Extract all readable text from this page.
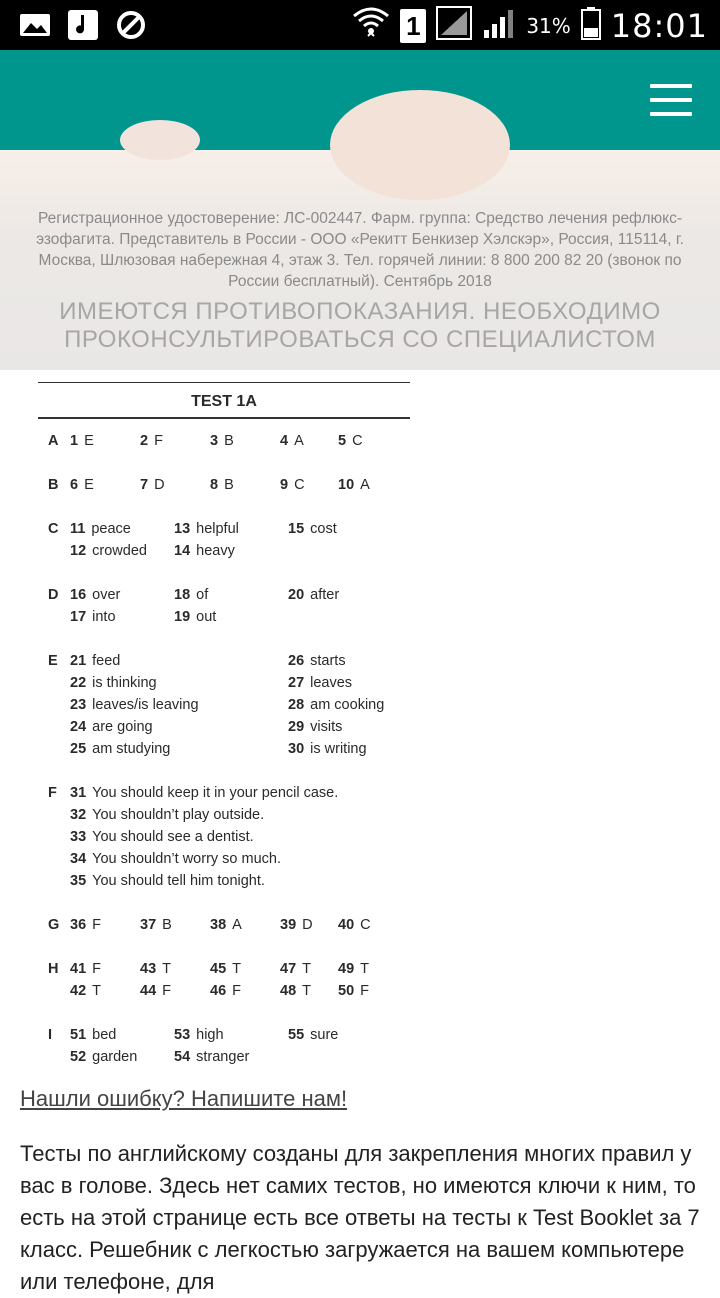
1	31% 18:01
Регистрационное удостоверение: ЛС-002447. Фарм. группа: Средство лечения рефлюкс-эзофагита. Представитель в России - ООО «Рекитт Бенкизер Хэлскэр», Россия, 115114, г. Москва, Шлюзовая набережная 4, этаж 3. Тел. горячей линии: 8 800 200 82 20 (звонок по России бесплатный). Сентябрь 2018
ИМЕЮТСЯ ПРОТИВОПОКАЗАНИЯ. НЕОБХОДИМО
ПРОКОНСУЛЬТИРОВАТЬСЯ СО СПЕЦИАЛИСТОМ
TEST 1A
A 1 E	2 F	3 B	4 A 5 C
B 6 E	7 D	8 B	9 C 10 A
C 11 peace	13 helpful	15 cost
12 crowded 14 heavy
D 16 over	18 of	20 after
17 into	19 out
E 21 feed	26 starts
22 is thinking	27 leaves
23 leaves/is leaving	28 am cooking
24 are going	29 visits
25 am studying	30 is writing
F 31 You should keep it in your pencil case.
32 You shouldn’t play outside.
33 You should see a dentist.
34 You shouldn’t worry so much.
35 You should tell him tonight.
G 36 F	37 B	38 A	39 D 40 C
H 41 F	43 T	45 T	47 T 49 T
42 T	44 F	46 F	48 T 50 F
I 51 bed	53 high	55 sure
52 garden	54 stranger
Нашли ошибку? Напишите нам!
Тесты по английскому созданы для закрепления многих правил у вас в голове. Здесь нет самих тестов, но имеются ключи к ним, то есть на этой странице есть все ответы на тесты к Test Booklet за 7 класс. Решебник с легкостью загружается на вашем компьютере или телефоне, для
